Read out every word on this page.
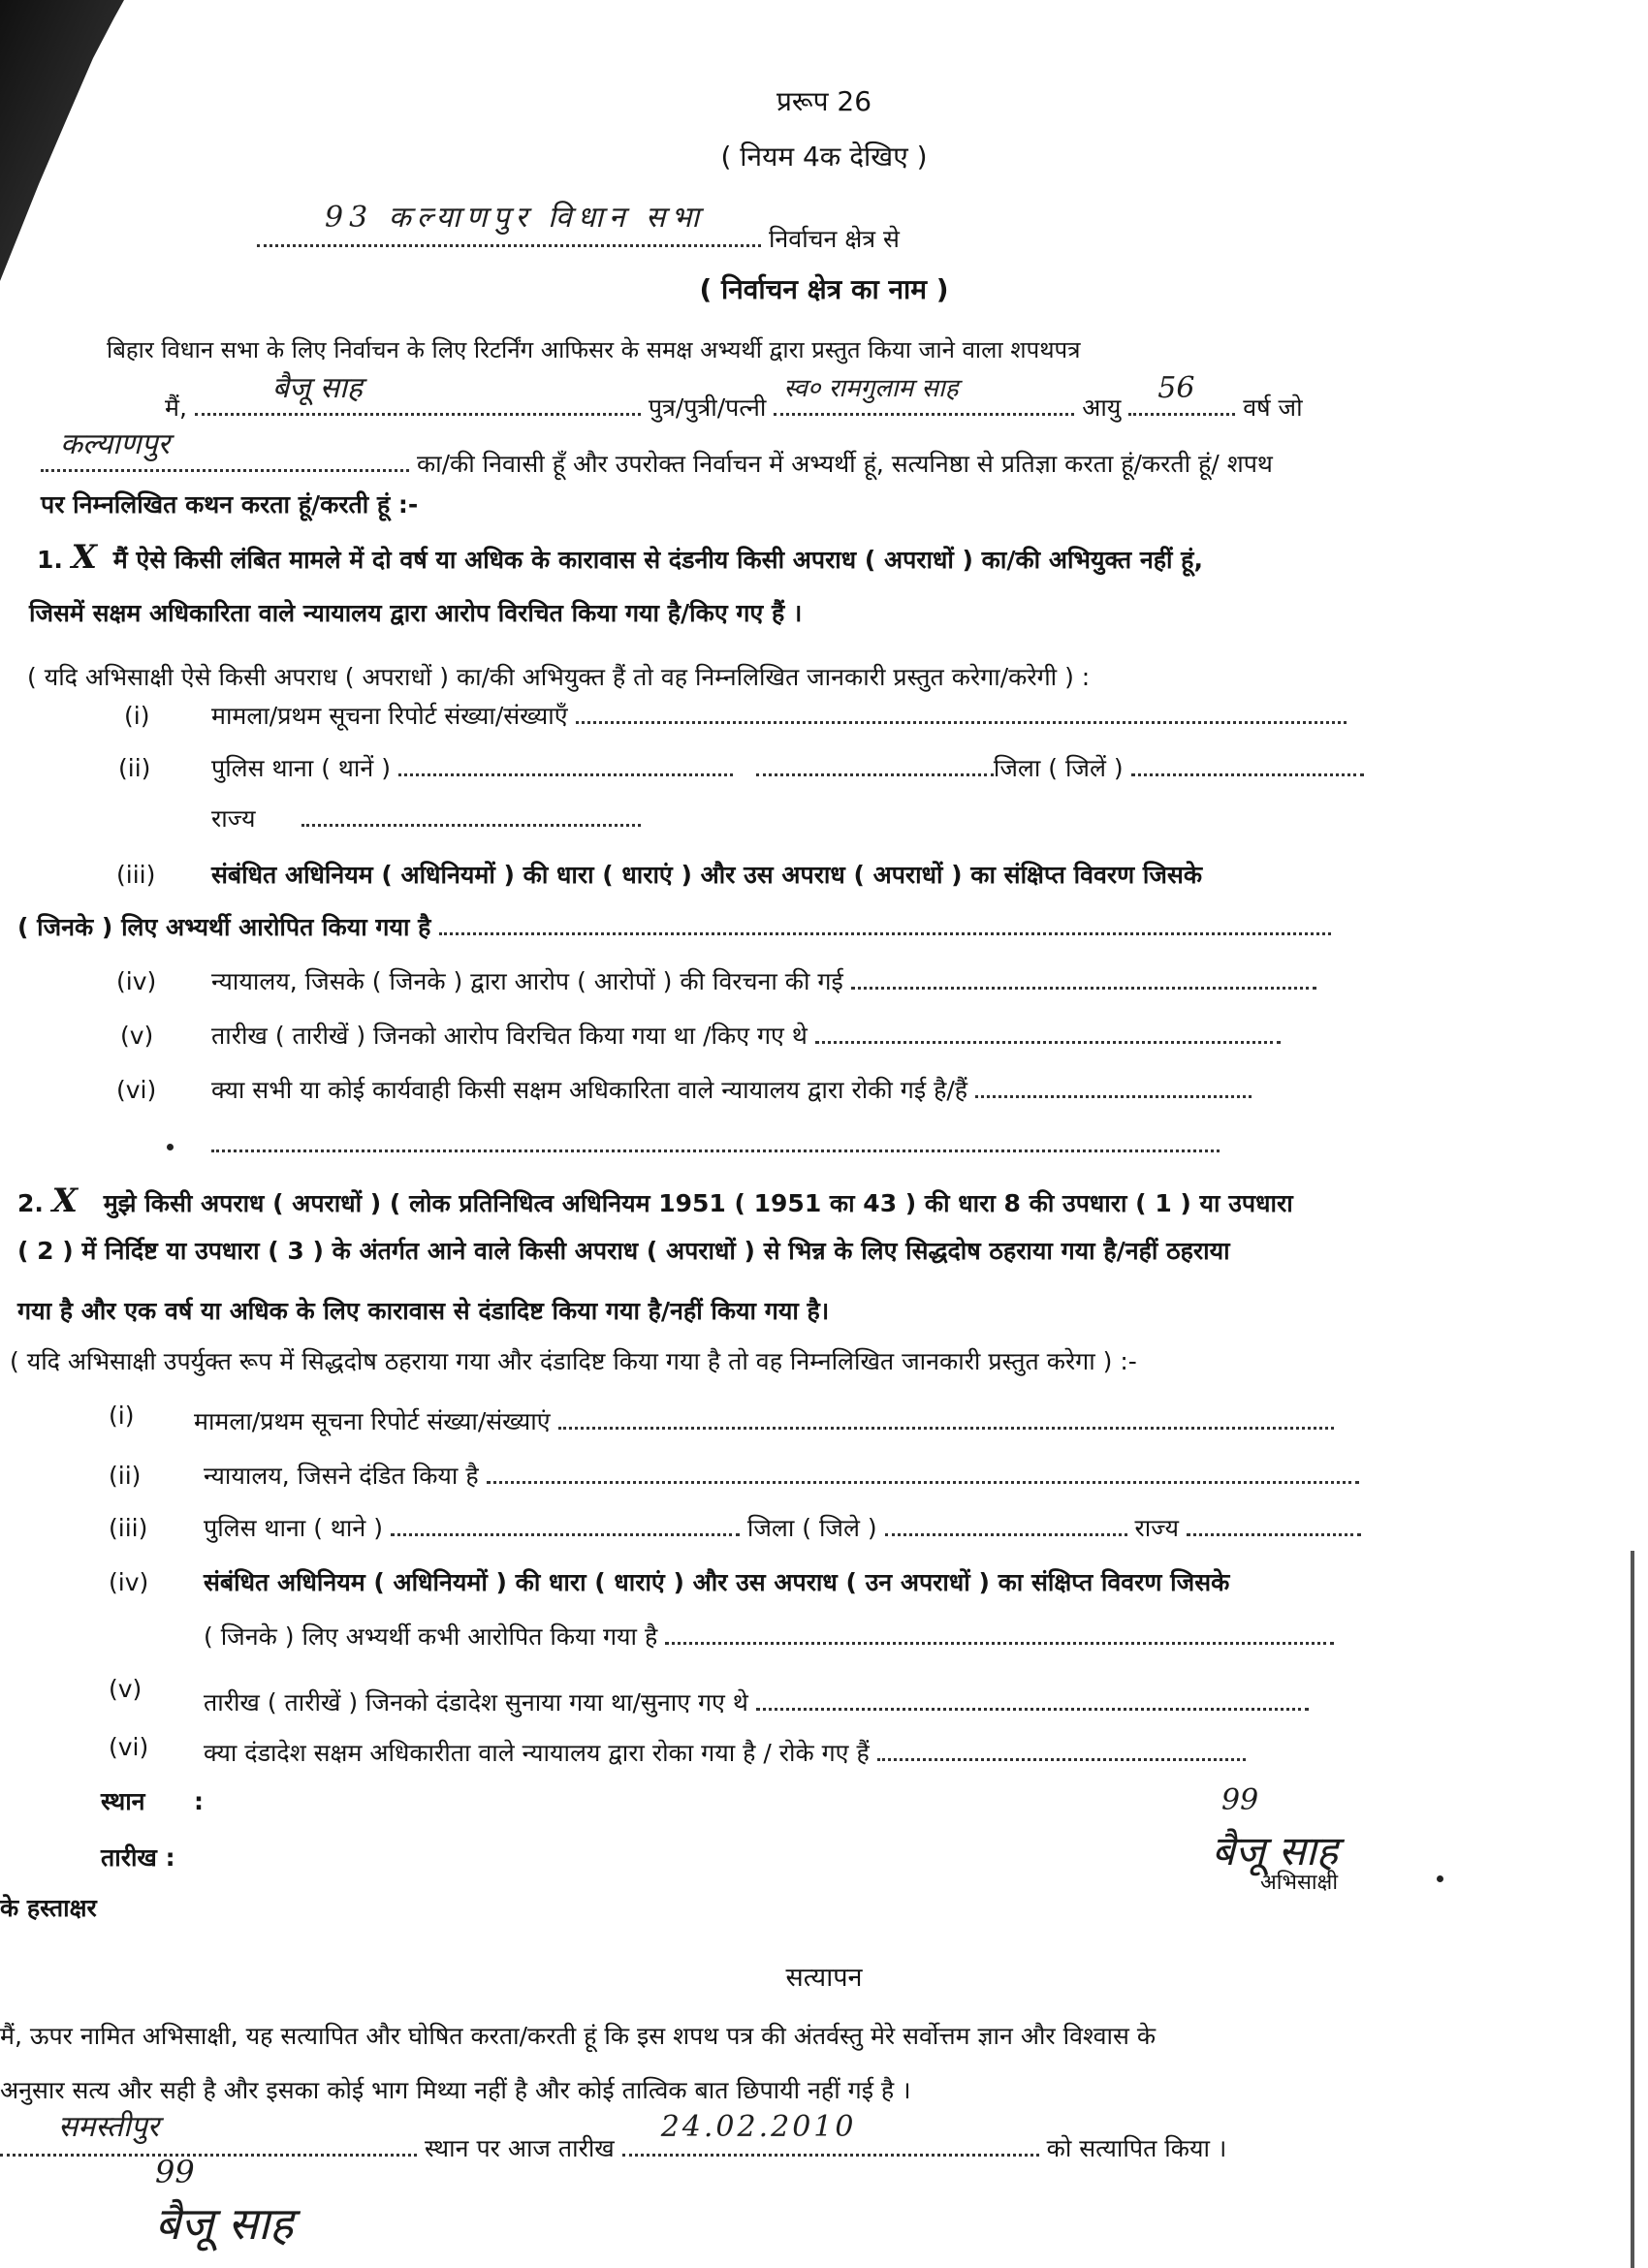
प्ररूप 26
( नियम 4क देखिए )
93 कल्याणपुर विधान सभा
निर्वाचन क्षेत्र से
( निर्वाचन क्षेत्र का नाम )
बिहार विधान सभा के लिए निर्वाचन के लिए रिटर्निंग आफिसर के समक्ष अभ्यर्थी द्वारा प्रस्तुत किया जाने वाला शपथपत्र
मैं,
बैजू साह
पुत्र/पुत्री/पत्नी
स्व० रामगुलाम साह
आयु
56
वर्ष जो
कल्याणपुर
का/की निवासी हूँ और उपरोक्त निर्वाचन में अभ्यर्थी हूं, सत्यनिष्ठा से प्रतिज्ञा करता हूं/करती हूं/ शपथ
पर निम्नलिखित कथन करता हूं/करती हूं :-
1. X मैं ऐसे किसी लंबित मामले में दो वर्ष या अधिक के कारावास से दंडनीय किसी अपराध ( अपराधों ) का/की अभियुक्त नहीं हूं,
जिसमें सक्षम अधिकारिता वाले न्यायालय द्वारा आरोप विरचित किया गया है/किए गए हैं ।
( यदि अभिसाक्षी ऐसे किसी अपराध ( अपराधों ) का/की अभियुक्त हैं तो वह निम्नलिखित जानकारी प्रस्तुत करेगा/करेगी ) :
(i)	मामला/प्रथम सूचना रिपोर्ट संख्या/संख्याएँ
(ii)	पुलिस थाना ( थानें )	जिला ( जिलें )
राज्य
(iii) संबंधित अधिनियम ( अधिनियमों ) की धारा ( धाराएं ) और उस अपराध ( अपराधों ) का संक्षिप्त विवरण जिसके
( जिनके ) लिए अभ्यर्थी आरोपित किया गया है
(iv) न्यायालय, जिसके ( जिनके ) द्वारा आरोप ( आरोपों ) की विरचना की गई
(v) तारीख ( तारीखें ) जिनको आरोप विरचित किया गया था /किए गए थे
(vi) क्या सभी या कोई कार्यवाही किसी सक्षम अधिकारिता वाले न्यायालय द्वारा रोकी गई है/हैं
2. X मुझे किसी अपराध ( अपराधों ) ( लोक प्रतिनिधित्व अधिनियम 1951 ( 1951 का 43 ) की धारा 8 की उपधारा ( 1 ) या उपधारा
( 2 ) में निर्दिष्ट या उपधारा ( 3 ) के अंतर्गत आने वाले किसी अपराध ( अपराधों ) से भिन्न के लिए सिद्धदोष ठहराया गया है/नहीं ठहराया
गया है और एक वर्ष या अधिक के लिए कारावास से दंडादिष्ट किया गया है/नहीं किया गया है।
( यदि अभिसाक्षी उपर्युक्त रूप में सिद्धदोष ठहराया गया और दंडादिष्ट किया गया है तो वह निम्नलिखित जानकारी प्रस्तुत करेगा ) :-
(i) मामला/प्रथम सूचना रिपोर्ट संख्या/संख्याएं
(ii)	न्यायालय, जिसने दंडित किया है
(iii) पुलिस थाना ( थाने )	जिला ( जिले )	राज्य
(iv) संबंधित अधिनियम ( अधिनियमों ) की धारा ( धाराएं ) और उस अपराध ( उन अपराधों ) का संक्षिप्त विवरण जिसके
( जिनके ) लिए अभ्यर्थी कभी आरोपित किया गया है
(v)	तारीख ( तारीखें ) जिनको दंडादेश सुनाया गया था/सुनाए गए थे
(vi) क्या दंडादेश सक्षम अधिकारीता वाले न्यायालय द्वारा रोका गया है / रोके गए हैं
स्थान :
तारीख :
के हस्ताक्षर
99
बैजू साह
अभिसाक्षी
सत्यापन
मैं, ऊपर नामित अभिसाक्षी, यह सत्यापित और घोषित करता/करती हूं कि इस शपथ पत्र की अंतर्वस्तु मेरे सर्वोत्तम ज्ञान और विश्वास के
अनुसार सत्य और सही है और इसका कोई भाग मिथ्या नहीं है और कोई तात्विक बात छिपायी नहीं गई है ।
समस्तीपुर
स्थान पर आज तारीख
24.02.2010
को सत्यापित किया ।
99
बैजू साह
